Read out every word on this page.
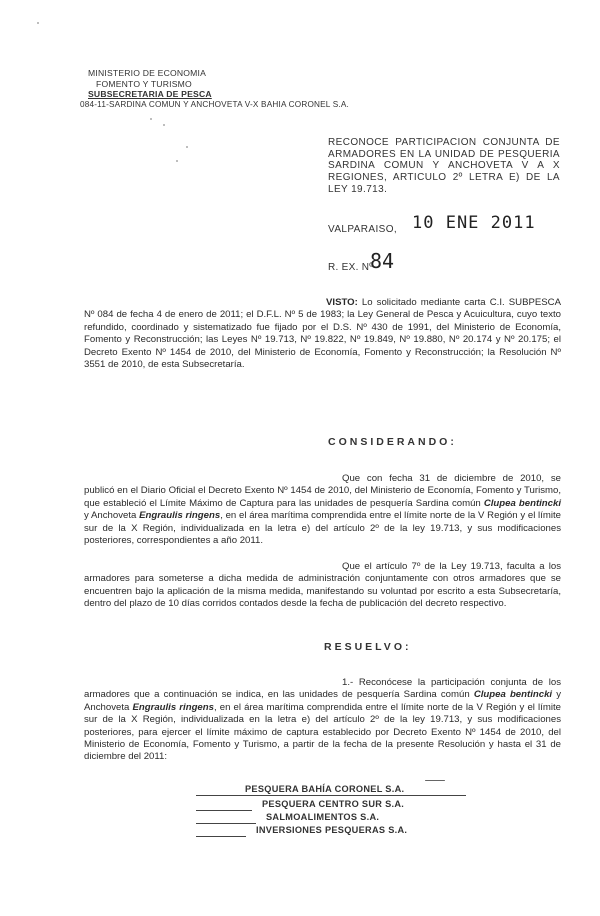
MINISTERIO DE ECONOMIA
FOMENTO Y TURISMO
SUBSECRETARIA DE PESCA
084-11-SARDINA COMUN Y ANCHOVETA V-X BAHIA CORONEL S.A.
RECONOCE PARTICIPACION CONJUNTA DE ARMADORES EN LA UNIDAD DE PESQUERIA SARDINA COMUN Y ANCHOVETA V A X REGIONES, ARTICULO 2º LETRA E) DE LA LEY 19.713.
VALPARAISO, 10 ENE 2011
R. EX. Nº
84
VISTO: Lo solicitado mediante carta C.I. SUBPESCA Nº 084 de fecha 4 de enero de 2011; el D.F.L. Nº 5 de 1983; la Ley General de Pesca y Acuicultura, cuyo texto refundido, coordinado y sistematizado fue fijado por el D.S. Nº 430 de 1991, del Ministerio de Economía, Fomento y Reconstrucción; las Leyes Nº 19.713, Nº 19.822, Nº 19.849, Nº 19.880, Nº 20.174 y Nº 20.175; el Decreto Exento Nº 1454 de 2010, del Ministerio de Economía, Fomento y Reconstrucción; la Resolución Nº 3551 de 2010, de esta Subsecretaría.
CONSIDERANDO:
Que con fecha 31 de diciembre de 2010, se publicó en el Diario Oficial el Decreto Exento Nº 1454 de 2010, del Ministerio de Economía, Fomento y Turismo, que estableció el Límite Máximo de Captura para las unidades de pesquería Sardina común Clupea bentincki y Anchoveta Engraulis ringens, en el área marítima comprendida entre el límite norte de la V Región y el límite sur de la X Región, individualizada en la letra e) del artículo 2º de la ley 19.713, y sus modificaciones posteriores, correspondientes a año 2011.
Que el artículo 7º de la Ley 19.713, faculta a los armadores para someterse a dicha medida de administración conjuntamente con otros armadores que se encuentren bajo la aplicación de la misma medida, manifestando su voluntad por escrito a esta Subsecretaría, dentro del plazo de 10 días corridos contados desde la fecha de publicación del decreto respectivo.
RESUELVO:
1.- Reconócese la participación conjunta de los armadores que a continuación se indica, en las unidades de pesquería Sardina común Clupea bentincki y Anchoveta Engraulis ringens, en el área marítima comprendida entre el límite norte de la V Región y el límite sur de la X Región, individualizada en la letra e) del artículo 2º de la ley 19.713, y sus modificaciones posteriores, para ejercer el límite máximo de captura establecido por Decreto Exento Nº 1454 de 2010, del Ministerio de Economía, Fomento y Turismo, a partir de la fecha de la presente Resolución y hasta el 31 de diciembre del 2011:
PESQUERA BAHÍA CORONEL S.A.
PESQUERA CENTRO SUR S.A.
SALMOALIMENTOS S.A.
INVERSIONES PESQUERAS S.A.
